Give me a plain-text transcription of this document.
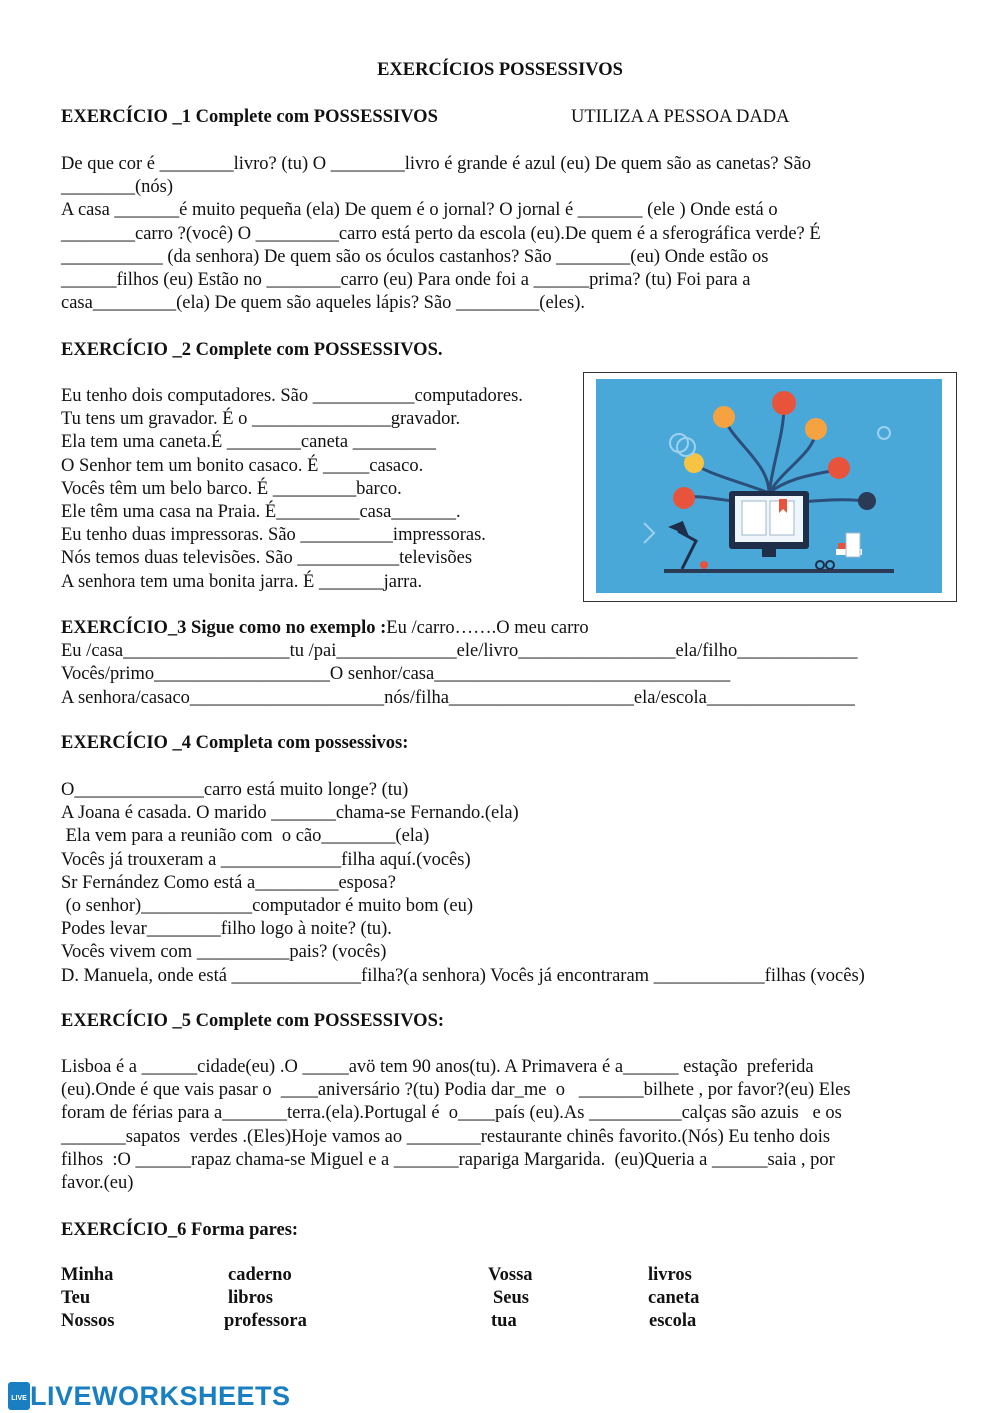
EXERCÍCIOS POSSESSIVOS
EXERCÍCIO _1 Complete com POSSESSIVOS	UTILIZA A PESSOA DADA
De que cor é ________livro? (tu) O ________livro é grande é azul (eu) De quem são as canetas? São
________(nós)
A casa _______é muito pequeña (ela) De quem é o jornal? O jornal é _______ (ele ) Onde está o
________carro ?(você) O _________carro está perto da escola (eu).De quem é a sferográfica verde? É
___________ (da senhora) De quem são os óculos castanhos? São ________(eu) Onde estão os
______filhos (eu) Estão no ________carro (eu) Para onde foi a ______prima? (tu) Foi para a
casa_________(ela) De quem são aqueles lápis? São _________(eles).
EXERCÍCIO _2 Complete com POSSESSIVOS.
Eu tenho dois computadores. São ___________computadores.
Tu tens um gravador. É o _______________gravador.
Ela tem uma caneta.É ________caneta _________
O Senhor tem um bonito casaco. É _____casaco.
Vocês têm um belo barco. É _________barco.
Ele têm uma casa na Praia. É_________casa_______.
Eu tenho duas impressoras. São __________impressoras.
Nós temos duas televisões. São ___________televisões
A senhora tem uma bonita jarra. É _______jarra.
EXERCÍCIO_3 Sigue como no exemplo :Eu /carro…….O meu carro
Eu /casa__________________tu /pai_____________ele/livro_________________ela/filho_____________
Vocês/primo___________________O senhor/casa________________________________
A senhora/casaco_____________________nós/filha____________________ela/escola________________
EXERCÍCIO _4 Completa com possessivos:
O______________carro está muito longe? (tu)
A Joana é casada. O marido _______chama-se Fernando.(ela)
Ela vem para a reunião com  o cão________(ela)
Vocês já trouxeram a _____________filha aquí.(vocês)
Sr Fernández Como está a_________esposa?
(o senhor)____________computador é muito bom (eu)
Podes levar________filho logo à noite? (tu).
Vocês vivem com __________pais? (vocês)
D. Manuela, onde está ______________filha?(a senhora) Vocês já encontraram ____________filhas (vocês)
EXERCÍCIO _5 Complete com POSSESSIVOS:
Lisboa é a ______cidade(eu) .O _____avö tem 90 anos(tu). A Primavera é a______ estação  preferida
(eu).Onde é que vais pasar o  ____aniversário ?(tu) Podia dar_me  o   _______bilhete , por favor?(eu) Eles
foram de férias para a_______terra.(ela).Portugal é  o____país (eu).As __________calças são azuis   e os
_______sapatos  verdes .(Eles)Hoje vamos ao ________restaurante chinês favorito.(Nós) Eu tenho dois
filhos  :O ______rapaz chama-se Miguel e a _______rapariga Margarida.  (eu)Queria a ______saia , por
favor.(eu)
EXERCÍCIO_6 Forma pares:
Minha
Teu
Nossos
caderno
libros
professora
Vossa
Seus
tua
livros
caneta
escola
LIVE LIVEWORKSHEETS
